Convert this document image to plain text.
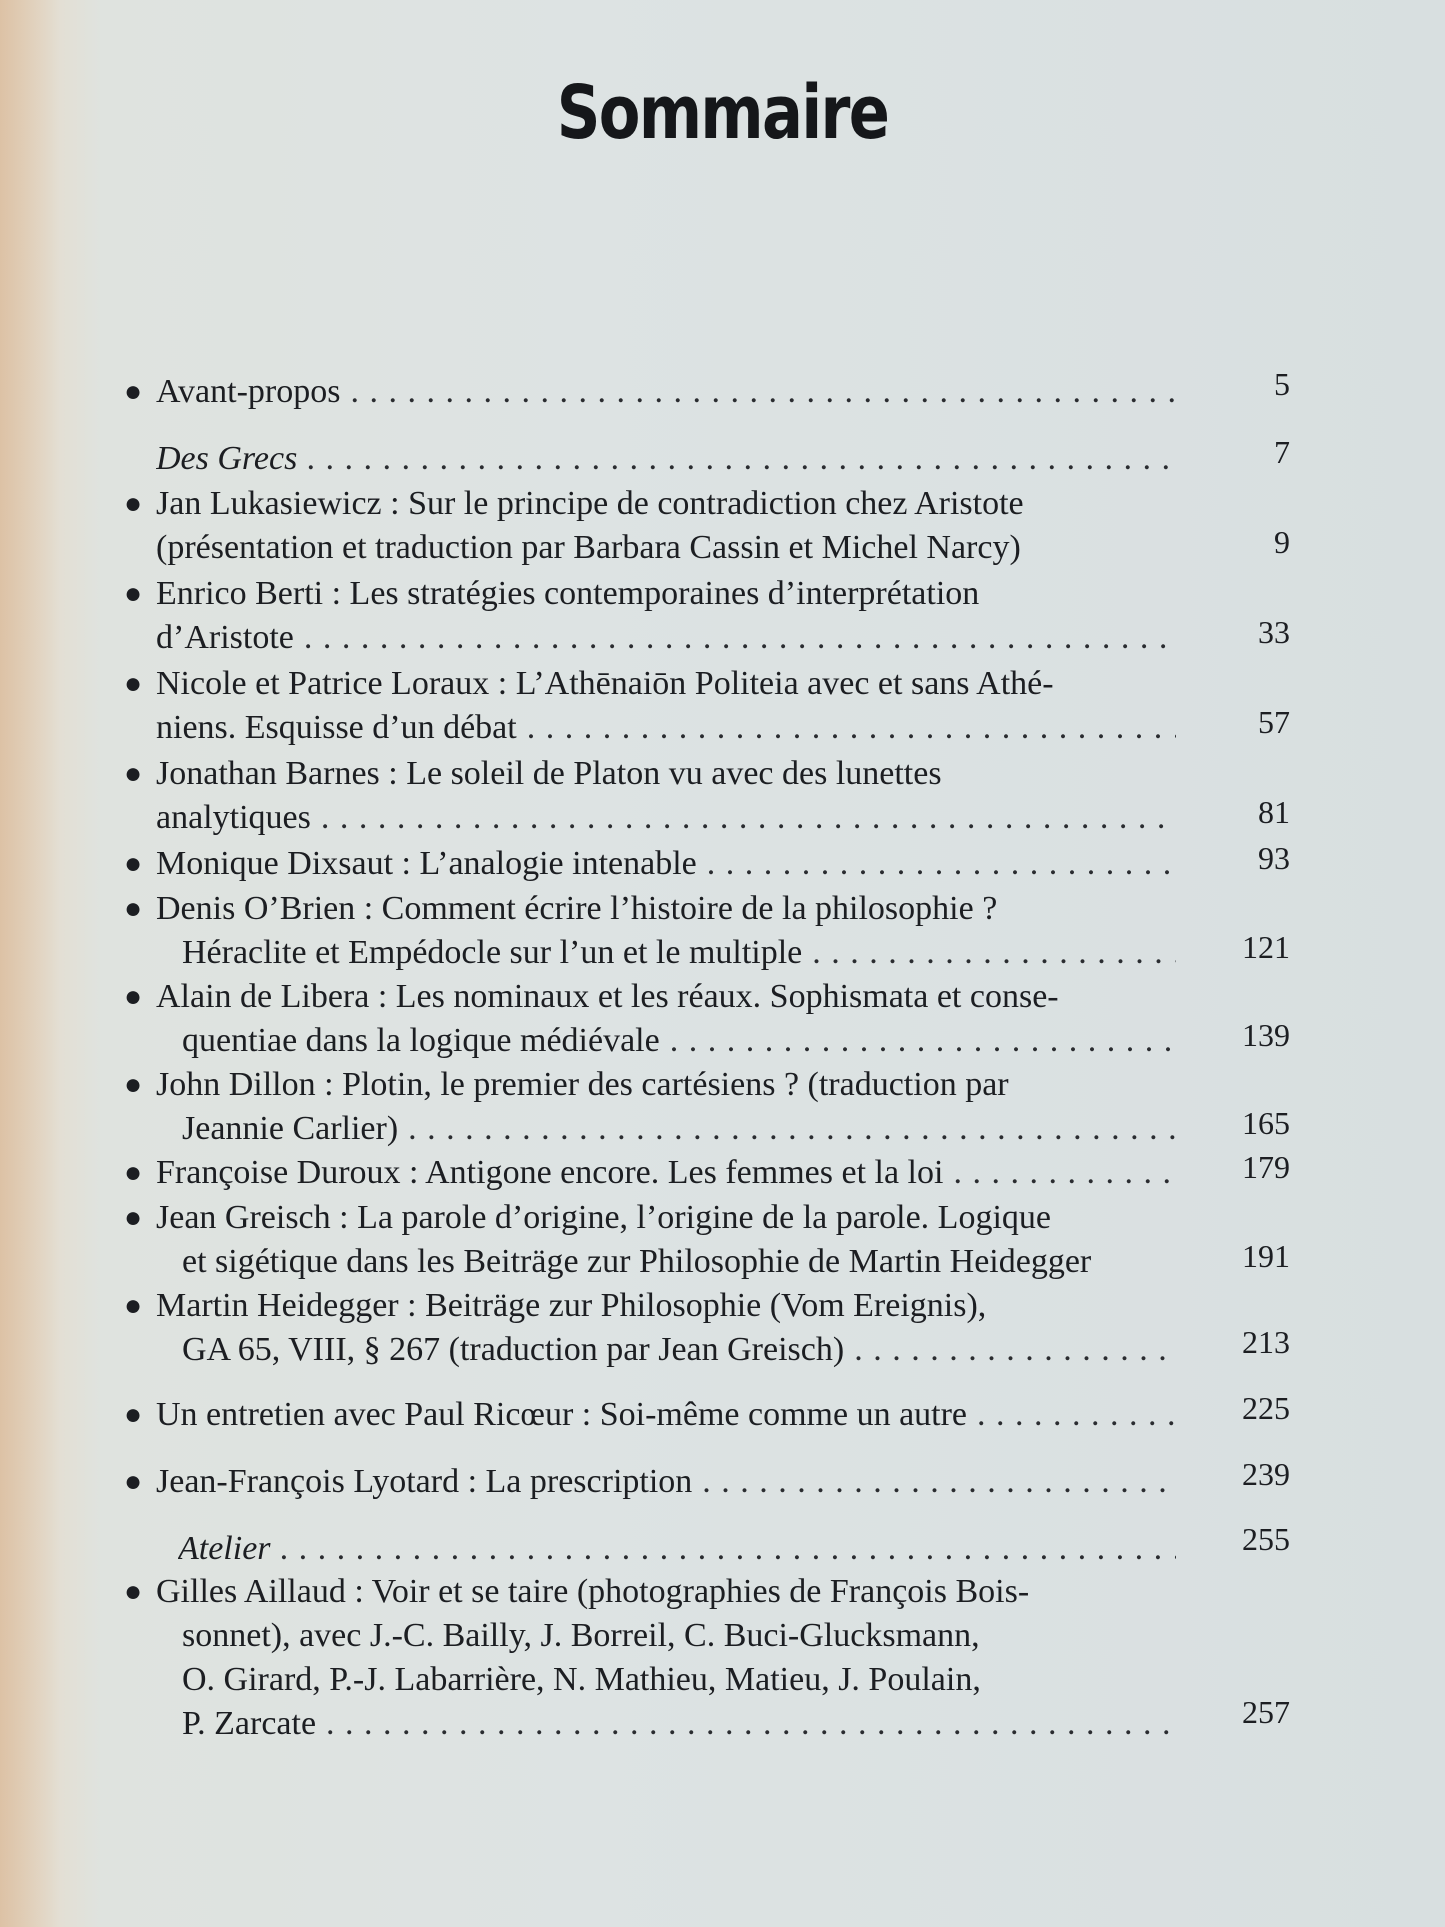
Sommaire
● Avant-propos . . .	5
Des Grecs . . .	7
● Jan Lukasiewicz : Sur le principe de contradiction chez Aristote
(présentation et traduction par Barbara Cassin et Michel Narcy)	9
● Enrico Berti : Les stratégies contemporaines d’interprétation
d’Aristote . . .	33
● Nicole et Patrice Loraux : L’Athēnaiōn Politeia avec et sans Athé-
niens. Esquisse d’un débat . . .	57
● Jonathan Barnes : Le soleil de Platon vu avec des lunettes
analytiques . . .	81
● Monique Dixsaut : L’analogie intenable . . .	93
● Denis O’Brien : Comment écrire l’histoire de la philosophie ?
Héraclite et Empédocle sur l’un et le multiple . . .	121
● Alain de Libera : Les nominaux et les réaux. Sophismata et conse-
quentiae dans la logique médiévale . . .	139
● John Dillon : Plotin, le premier des cartésiens ? (traduction par
Jeannie Carlier) . . .	165
● Françoise Duroux : Antigone encore. Les femmes et la loi . . .	179
● Jean Greisch : La parole d’origine, l’origine de la parole. Logique
et sigétique dans les Beiträge zur Philosophie de Martin Heidegger	191
● Martin Heidegger : Beiträge zur Philosophie (Vom Ereignis),
GA 65, VIII, § 267 (traduction par Jean Greisch) . . .	213
● Un entretien avec Paul Ricœur : Soi-même comme un autre . . .	225
● Jean-François Lyotard : La prescription . . .	239
Atelier . . .	255
● Gilles Aillaud : Voir et se taire (photographies de François Bois-
sonnet), avec J.-C. Bailly, J. Borreil, C. Buci-Glucksmann,
O. Girard, P.-J. Labarrière, N. Mathieu, Matieu, J. Poulain,
P. Zarcate . . .	257
